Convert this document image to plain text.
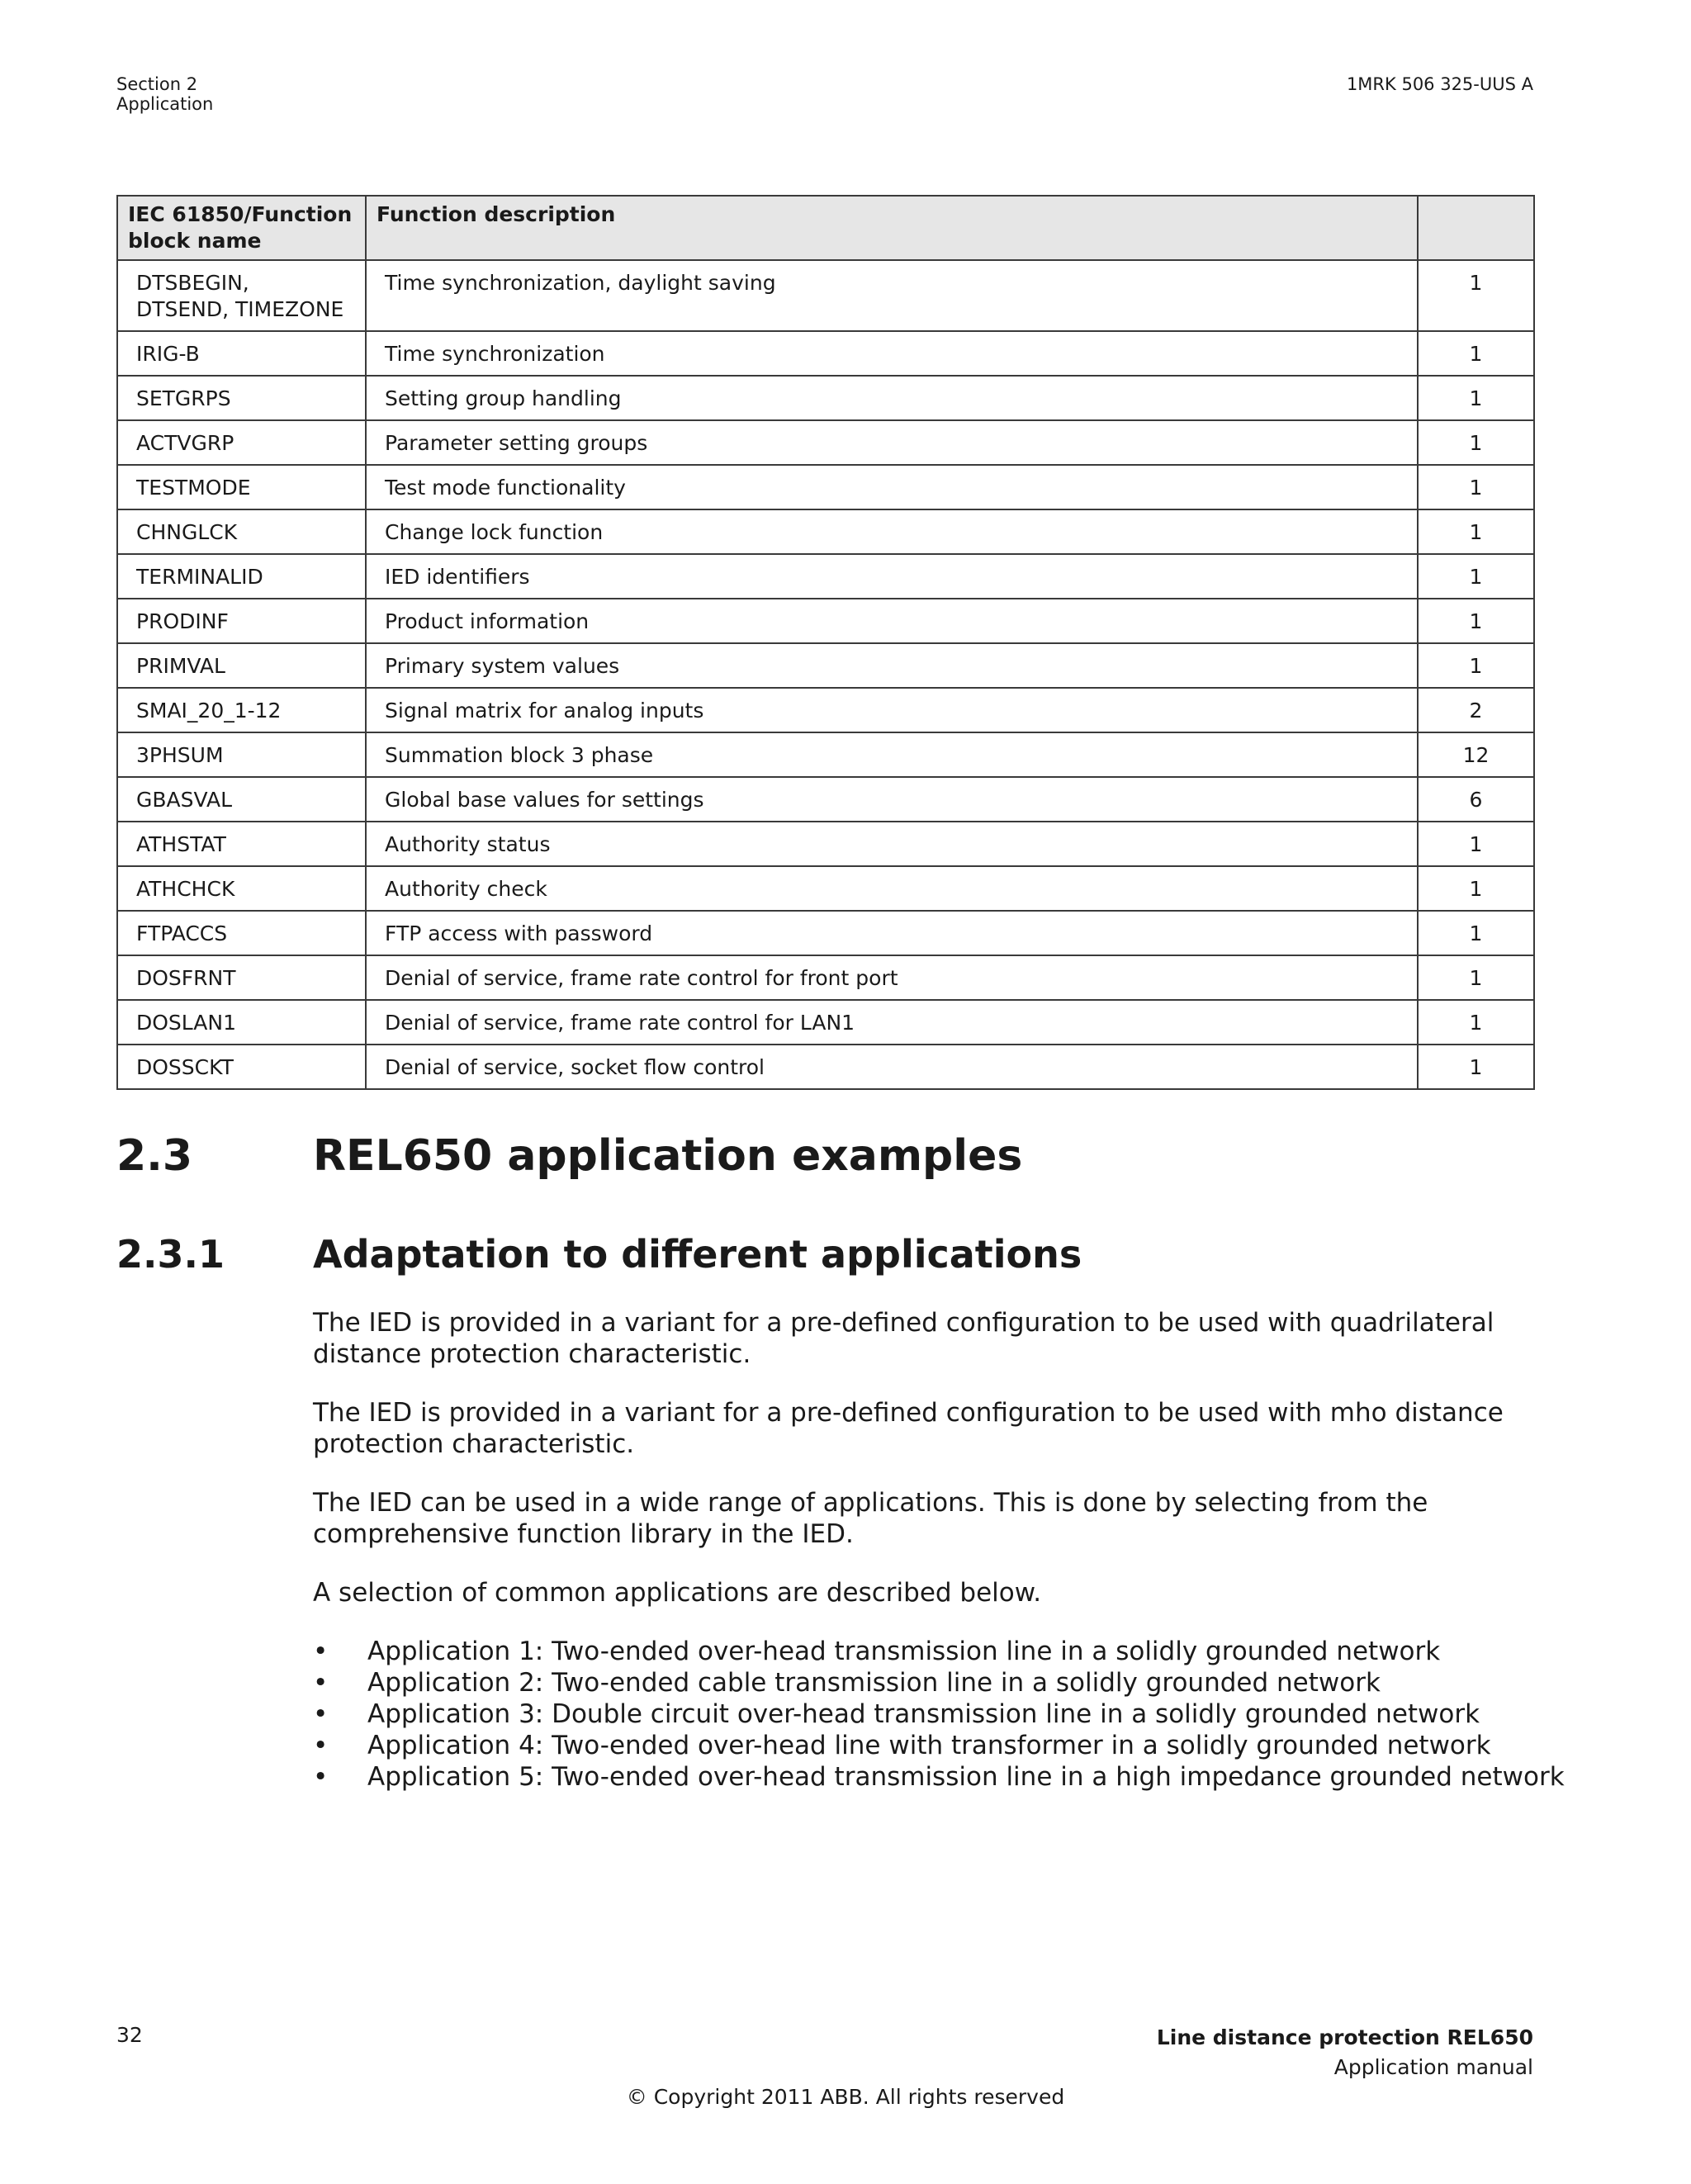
Section 2
Application
1MRK 506 325-UUS A
IEC 61850/Function block name	Function description	
DTSBEGIN, DTSEND, TIMEZONE	Time synchronization, daylight saving	1
IRIG-B	Time synchronization	1
SETGRPS	Setting group handling	1
ACTVGRP	Parameter setting groups	1
TESTMODE	Test mode functionality	1
CHNGLCK	Change lock function	1
TERMINALID	IED identifiers	1
PRODINF	Product information	1
PRIMVAL	Primary system values	1
SMAI_20_1-12	Signal matrix for analog inputs	2
3PHSUM	Summation block 3 phase	12
GBASVAL	Global base values for settings	6
ATHSTAT	Authority status	1
ATHCHCK	Authority check	1
FTPACCS	FTP access with password	1
DOSFRNT	Denial of service, frame rate control for front port	1
DOSLAN1	Denial of service, frame rate control for LAN1	1
DOSSCKT	Denial of service, socket flow control	1
2.3	REL650 application examples
2.3.1 Adaptation to different applications

The IED is provided in a variant for a pre-defined configuration to be used with quadrilateral distance protection characteristic.

The IED is provided in a variant for a pre-defined configuration to be used with mho distance protection characteristic.

The IED can be used in a wide range of applications. This is done by selecting from the comprehensive function library in the IED.

A selection of common applications are described below.

• Application 1: Two-ended over-head transmission line in a solidly grounded network
• Application 2: Two-ended cable transmission line in a solidly grounded network
• Application 3: Double circuit over-head transmission line in a solidly grounded network
• Application 4: Two-ended over-head line with transformer in a solidly grounded network
• Application 5: Two-ended over-head transmission line in a high impedance grounded network
32	Line distance protection REL650
Application manual
© Copyright 2011 ABB. All rights reserved
